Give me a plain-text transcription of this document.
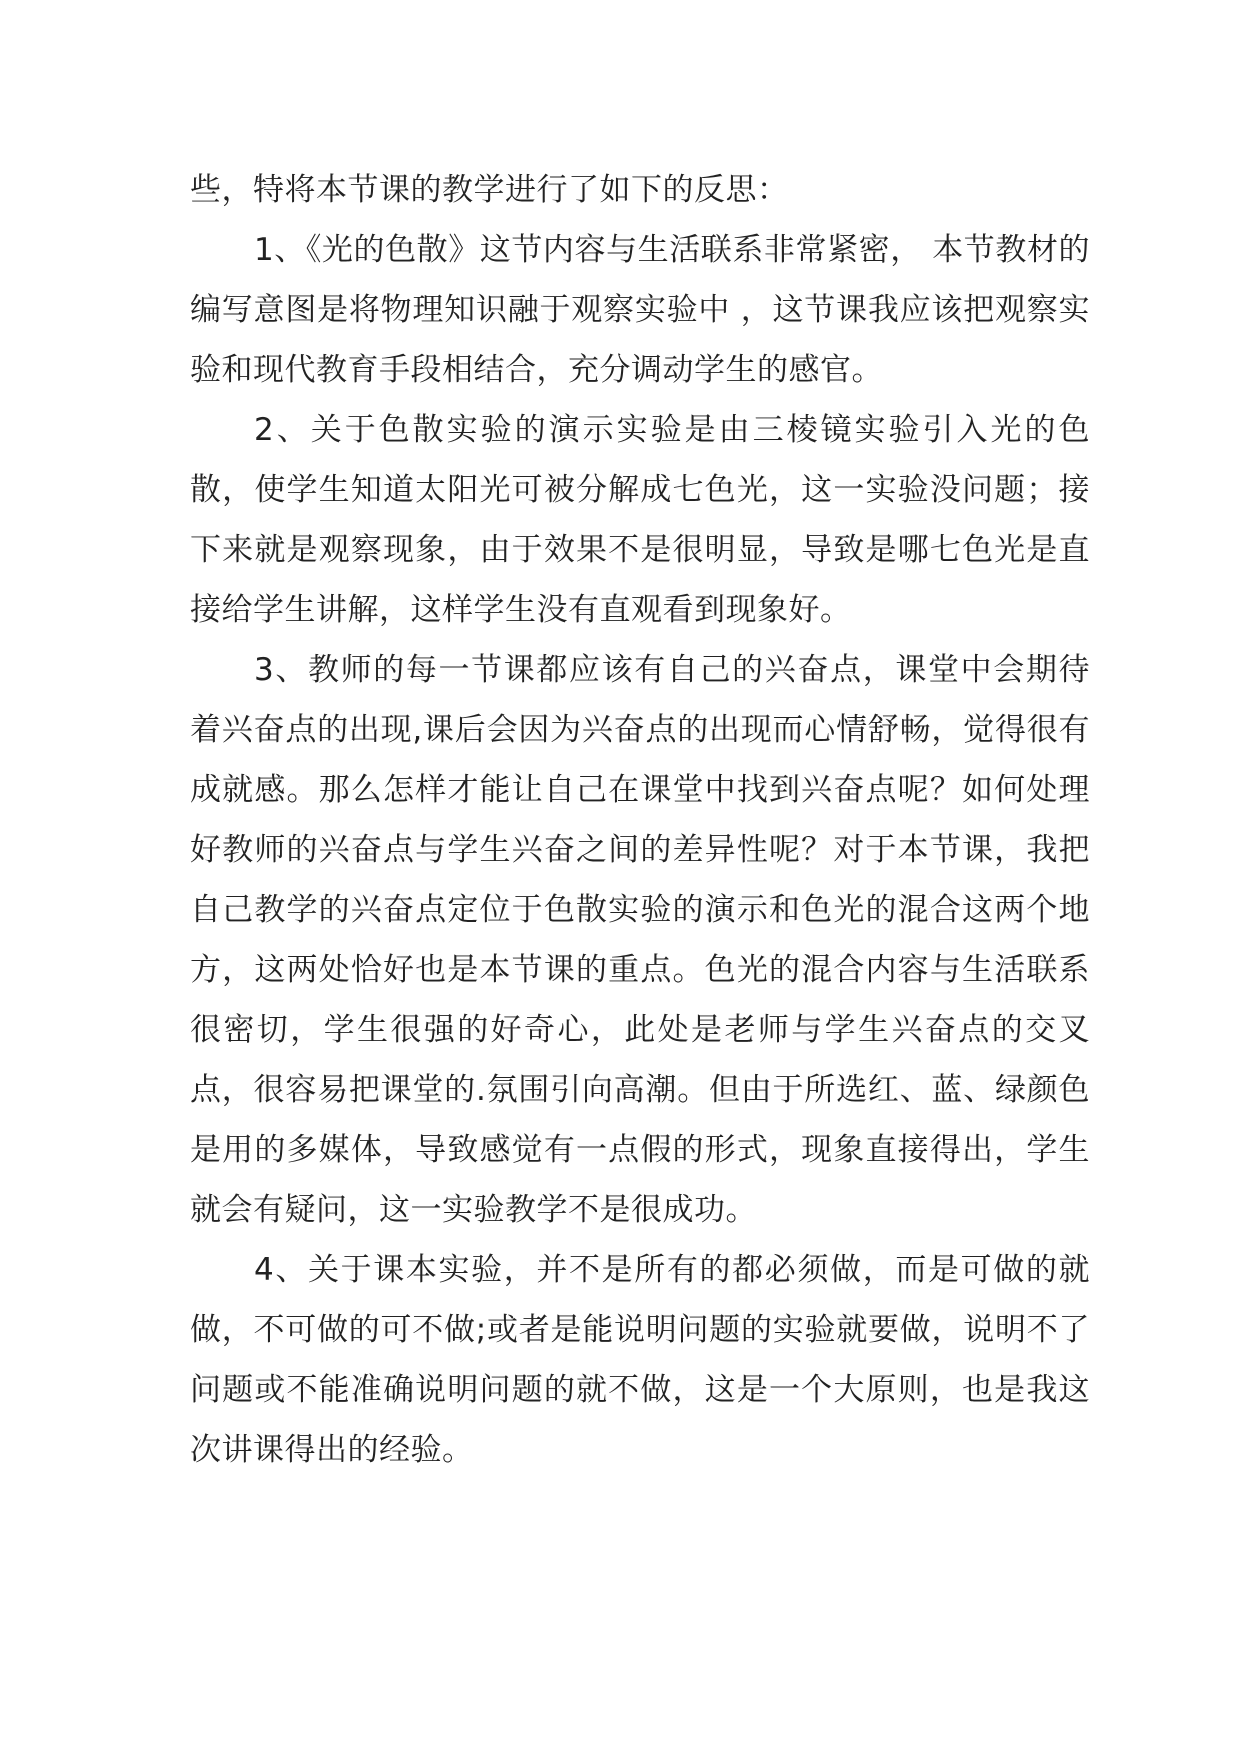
些，特将本节课的教学进行了如下的反思：

1、《光的色散》这节内容与生活联系非常紧密， 本节教材的编写意图是将物理知识融于观察实验中 ，这节课我应该把观察实验和现代教育手段相结合，充分调动学生的感官。

2、关于色散实验的演示实验是由三棱镜实验引入光的色散，使学生知道太阳光可被分解成七色光，这一实验没问题；接下来就是观察现象，由于效果不是很明显，导致是哪七色光是直接给学生讲解，这样学生没有直观看到现象好。

3、教师的每一节课都应该有自己的兴奋点，课堂中会期待着兴奋点的出现,课后会因为兴奋点的出现而心情舒畅，觉得很有成就感。那么怎样才能让自己在课堂中找到兴奋点呢？如何处理好教师的兴奋点与学生兴奋之间的差异性呢？对于本节课，我把自己教学的兴奋点定位于色散实验的演示和色光的混合这两个地方，这两处恰好也是本节课的重点。色光的混合内容与生活联系很密切，学生很强的好奇心，此处是老师与学生兴奋点的交叉点，很容易把课堂的.氛围引向高潮。但由于所选红、蓝、绿颜色是用的多媒体，导致感觉有一点假的形式，现象直接得出，学生就会有疑问，这一实验教学不是很成功。

4、关于课本实验，并不是所有的都必须做，而是可做的就做，不可做的可不做;或者是能说明问题的实验就要做，说明不了问题或不能准确说明问题的就不做，这是一个大原则，也是我这次讲课得出的经验。
